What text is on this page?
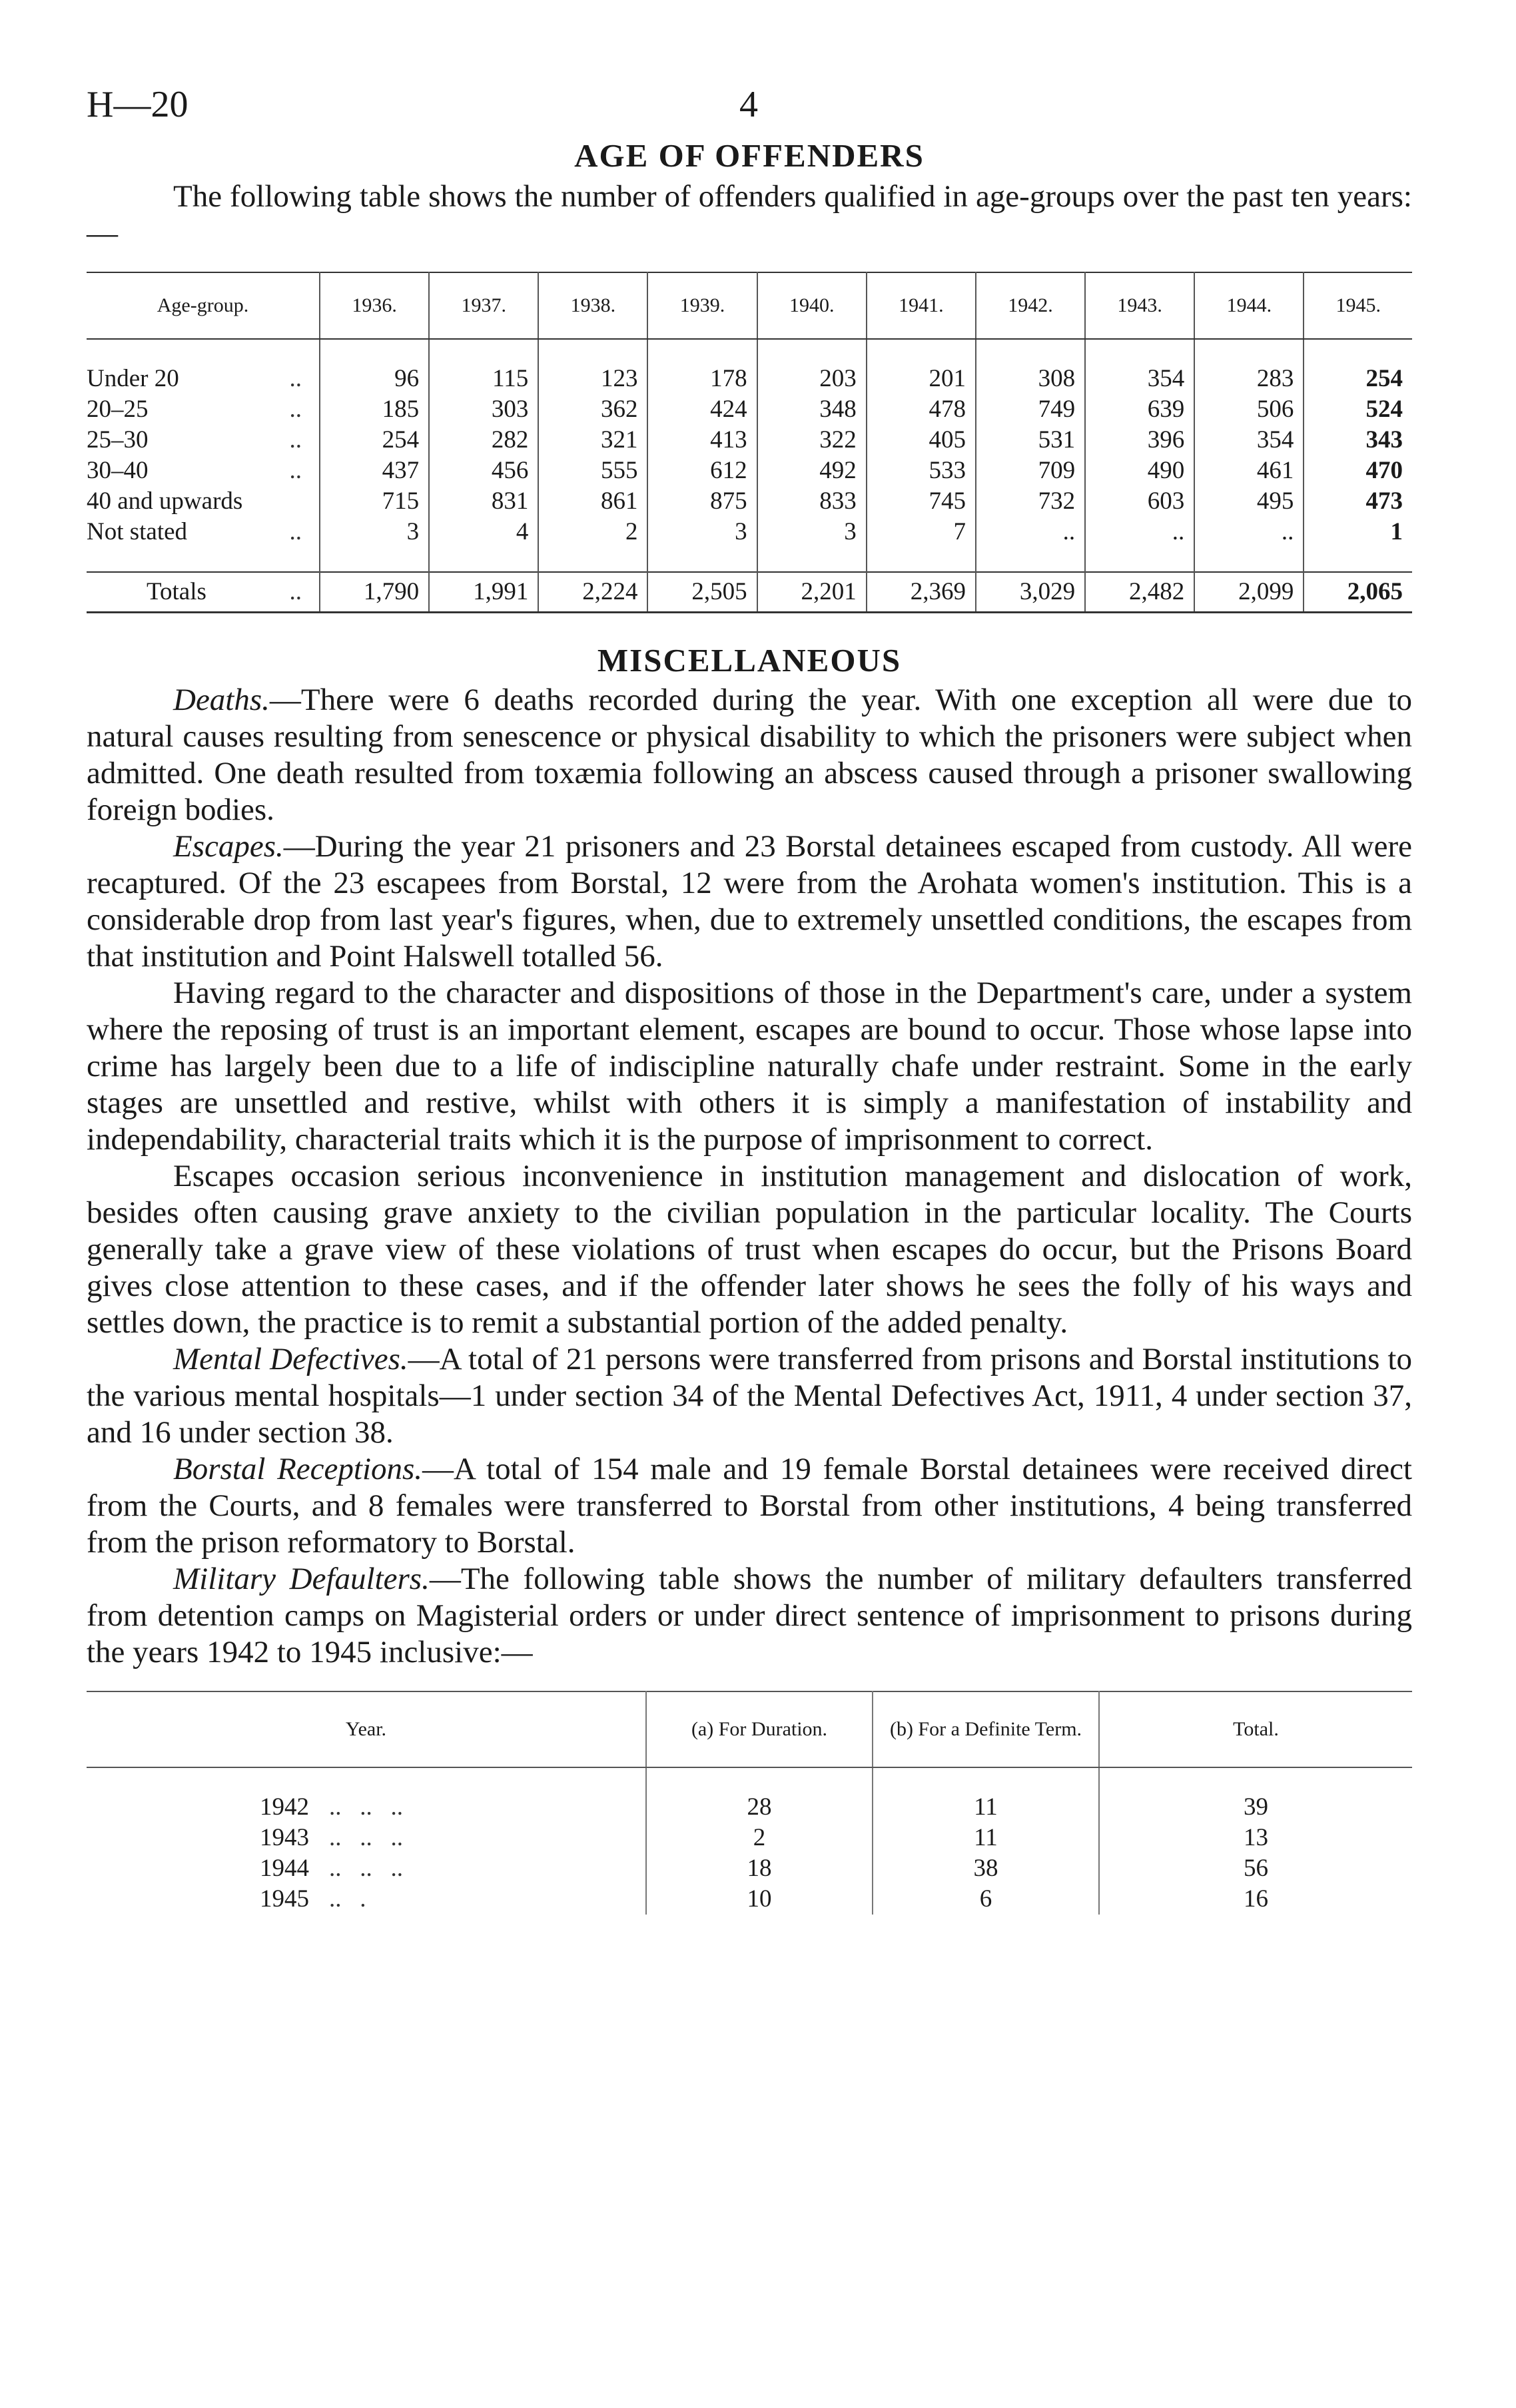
H—20	4
AGE OF OFFENDERS

The following table shows the number of offenders qualified in age-groups over the past ten years:—

Age-group.	1936.	1937.	1938.	1939.	1940.	1941.	1942.	1943.	1944.	1945.

Under 20 ..	96	115	123	178	203	201	308	354	283	254
20–25 ..	185	303	362	424	348	478	749	639	506	524
25–30 ..	254	282	321	413	322	405	531	396	354	343
30–40 ..	437	456	555	612	492	533	709	490	461	470
40 and upwards	715	831	861	875	833	745	732	603	495	473
Not stated ..	3	4	2	3	3	7	..	..	..	1

Totals ..	1,790	1,991	2,224	2,505	2,201	2,369	3,029	2,482	2,099	2,065
MISCELLANEOUS

Deaths.—There were 6 deaths recorded during the year. With one exception all were due to natural causes resulting from senescence or physical disability to which the prisoners were subject when admitted. One death resulted from toxæmia following an abscess caused through a prisoner swallowing foreign bodies.

Escapes.—During the year 21 prisoners and 23 Borstal detainees escaped from custody. All were recaptured. Of the 23 escapees from Borstal, 12 were from the Arohata women's institution. This is a considerable drop from last year's figures, when, due to extremely unsettled conditions, the escapes from that institution and Point Halswell totalled 56.

Having regard to the character and dispositions of those in the Department's care, under a system where the reposing of trust is an important element, escapes are bound to occur. Those whose lapse into crime has largely been due to a life of indiscipline naturally chafe under restraint. Some in the early stages are unsettled and restive, whilst with others it is simply a manifestation of instability and independability, characterial traits which it is the purpose of imprisonment to correct.

Escapes occasion serious inconvenience in institution management and dislocation of work, besides often causing grave anxiety to the civilian population in the particular locality. The Courts generally take a grave view of these violations of trust when escapes do occur, but the Prisons Board gives close attention to these cases, and if the offender later shows he sees the folly of his ways and settles down, the practice is to remit a substantial portion of the added penalty.

Mental Defectives.—A total of 21 persons were transferred from prisons and Borstal institutions to the various mental hospitals—1 under section 34 of the Mental Defectives Act, 1911, 4 under section 37, and 16 under section 38.

Borstal Receptions.—A total of 154 male and 19 female Borstal detainees were received direct from the Courts, and 8 females were transferred to Borstal from other institutions, 4 being transferred from the prison reformatory to Borstal.

Military Defaulters.—The following table shows the number of military defaulters transferred from detention camps on Magisterial orders or under direct sentence of imprisonment to prisons during the years 1942 to 1945 inclusive:—

Year.	(a) For Duration.	(b) For a Definite Term.	Total.

1942 ..   ..   ..	28	11	39
1943 ..   ..   ..	2	11	13
1944 ..   ..   ..	18	38	56
1945 ..   .	10	6	16
